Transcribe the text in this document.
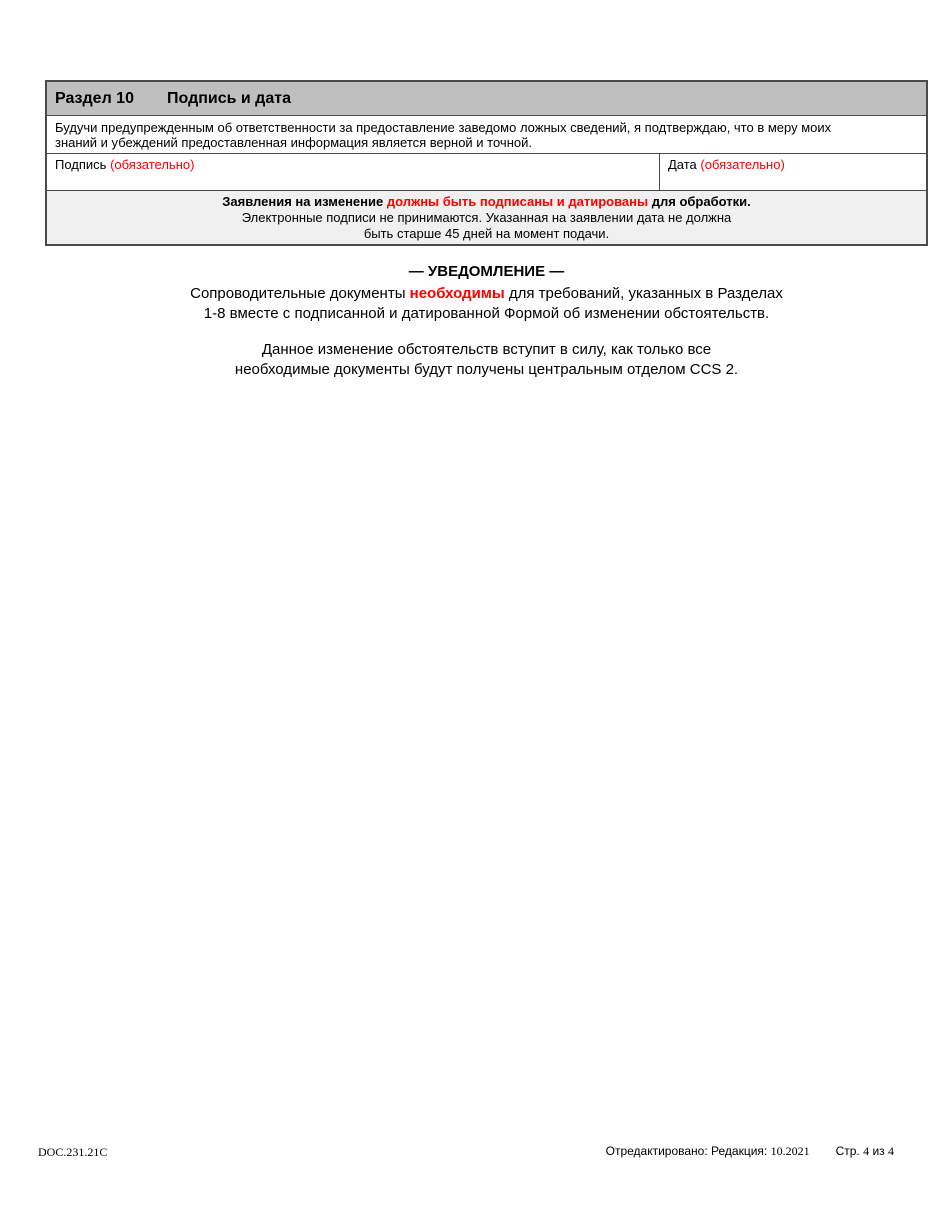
Раздел 10	Подпись и дата
Будучи предупрежденным об ответственности за предоставление заведомо ложных сведений, я подтверждаю, что в меру моих
знаний и убеждений предоставленная информация является верной и точной.
Подпись (обязательно)	Дата (обязательно)
Заявления на изменение должны быть подписаны и датированы для обработки.
Электронные подписи не принимаются. Указанная на заявлении дата не должна
быть старше 45 дней на момент подачи.
— УВЕДОМЛЕНИЕ —
Сопроводительные документы необходимы для требований, указанных в Разделах
1-8 вместе с подписанной и датированной Формой об изменении обстоятельств.
Данное изменение обстоятельств вступит в силу, как только все
необходимые документы будут получены центральным отделом CCS 2.
DOC.231.21C	Отредактировано: Редакция: 10.2021 Стр. 4 из 4
